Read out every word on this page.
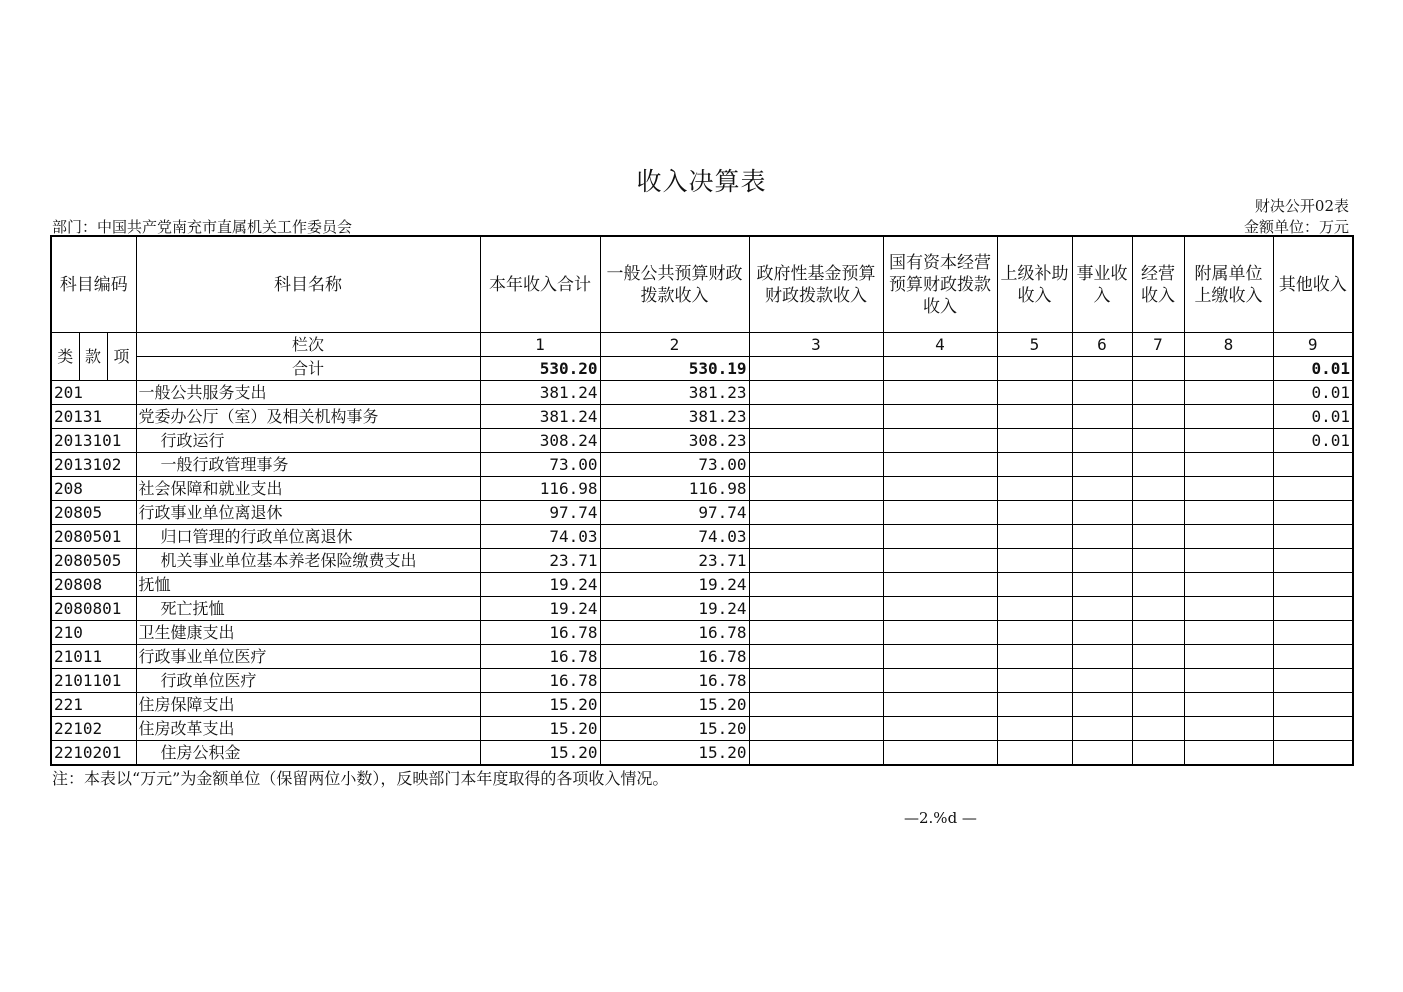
收入决算表
财决公开02表
部门：中国共产党南充市直属机关工作委员会	金额单位：万元
科目编码			科目名称	本年收入合计	一般公共预算财政拨款收入	政府性基金预算财政拨款收入	国有资本经营预算财政拨款收入	上级补助收入	事业收入	经营收入	附属单位上缴收入	其他收入
类	款	项	栏次	1	2	3	4	5	6	7	8	9
			合计	530.20	530.19							0.01
201			一般公共服务支出	381.24	381.23							0.01
20131			党委办公厅（室）及相关机构事务	381.24	381.23							0.01
2013101			行政运行	308.24	308.23							0.01
2013102			一般行政管理事务	73.00	73.00							
208			社会保障和就业支出	116.98	116.98							
20805			行政事业单位离退休	97.74	97.74							
2080501			归口管理的行政单位离退休	74.03	74.03							
2080505			机关事业单位基本养老保险缴费支出	23.71	23.71							
20808			抚恤	19.24	19.24							
2080801			死亡抚恤	19.24	19.24							
210			卫生健康支出	16.78	16.78							
21011			行政事业单位医疗	16.78	16.78							
2101101			行政单位医疗	16.78	16.78							
221			住房保障支出	15.20	15.20							
22102			住房改革支出	15.20	15.20							
2210201			住房公积金	15.20	15.20							
注：本表以“万元”为金额单位（保留两位小数），反映部门本年度取得的各项收入情况。
—2.%d —
